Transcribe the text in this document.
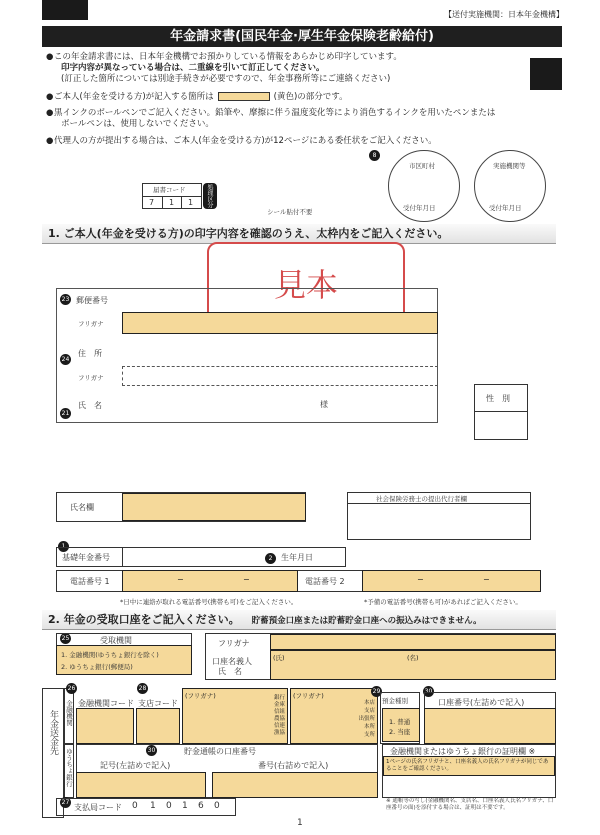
【送付実施機関：日本年金機構】
年金請求書(国民年金·厚生年金保険老齢給付)
●この年金請求書には、日本年金機構でお預かりしている情報をあらかじめ印字しています。
印字内容が異なっている場合は、二重線を引いて訂正してください。
(訂正した箇所については別途手続きが必要ですので、年金事務所等にご連絡ください)
●ご本人(年金を受ける方)が記入する箇所は	(黄色)の部分です。
●黒インクのボールペンでご記入ください。鉛筆や、摩擦に伴う温度変化等により消色するインクを用いたペンまたは
ボールペンは、使用しないでください。
●代理人の方が提出する場合は、ご本人(年金を受ける方)が12ページにある委任状をご記入ください。
8
市区町村
受付年月日
実施機関等
受付年月日
シール貼付不要
届書コード
7 1 1 処理区分
1. ご本人(年金を受ける方)の印字内容を確認のうえ、太枠内をご記入ください。
見本
23 郵便番号
フリガナ
24
住　所
フリガナ
21
氏　名	様
性　別
氏名欄
社会保険労務士の提出代行者欄
1
基礎年金番号	2	生年月日
電話番号 1	−	−	電話番号 2	−	−
*日中に連絡が取れる電話番号(携帯も可)をご記入ください。	*予備の電話番号(携帯も可)があればご記入ください。
2. 年金の受取口座をご記入ください。 貯蓄預金口座または貯蓄貯金口座への振込みはできません。
25	受取機関
1. 金融機関(ゆうちょ銀行を除く)
2. ゆうちょ銀行(郵便局)
フリガナ
口座名義人
氏　名
(氏)	(名)
年金送金先	金融機関
ゆうちょ銀行
26
金融機関コード
28
支店コード
(フリガナ)	銀行
金庫
信組
農協
信連
漁協
(フリガナ)
本店
支店
出張所
本所
支所
29
預金種別
1. 普通
2. 当座
30
口座番号(左詰めで記入)
30	貯金通帳の口座番号
記号(左詰めで記入)	番号(右詰めで記入)
金融機関またはゆうちょ銀行の証明欄 ※
1ページの氏名フリガナと、口座名義人の氏名フリガナが同じであることをご確認ください。
27
支払局コード 0 1 0 1 6 0	※ 通帳等の写し(金融機関名、支店名、口座名義人氏名フリガナ、口座番号の面)を添付する場合は、証明は不要です。
1
